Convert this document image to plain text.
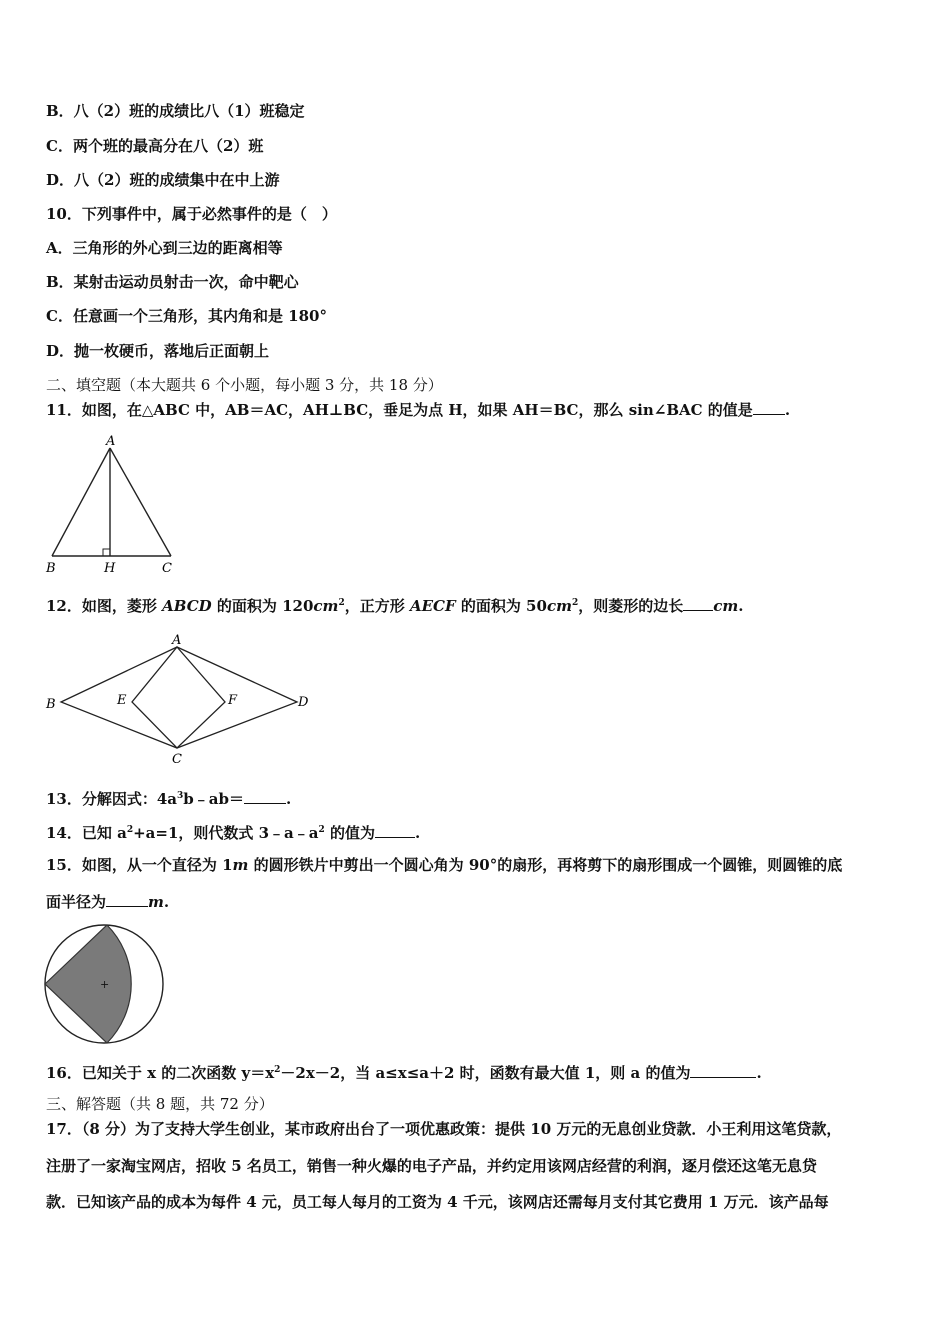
B．八（2）班的成绩比八（1）班稳定
C．两个班的最高分在八（2）班
D．八（2）班的成绩集中在中上游
10．下列事件中，属于必然事件的是（　）
A．三角形的外心到三边的距离相等
B．某射击运动员射击一次，命中靶心
C．任意画一个三角形，其内角和是 180°
D．抛一枚硬币，落地后正面朝上
二、填空题（本大题共 6 个小题，每小题 3 分，共 18 分）
11．如图，在△ABC 中，AB＝AC，AH⊥BC，垂足为点 H，如果 AH＝BC，那么 sin∠BAC 的值是 .
A
B	H	C
12．如图，菱形 ABCD 的面积为 $120cm^2$，正方形 AECF 的面积为 $50cm^2$，则菱形的边长 cm.
A
B	E	F	D
C
13．分解因式：$4a^3b﹣ab=$	.
14．已知 $a^2+a=1$，则代数式 $3﹣a﹣a^2$ 的值为	.
15．如图，从一个直径为 1m 的圆形铁片中剪出一个圆心角为 90°的扇形，再将剪下的扇形围成一个圆锥，则圆锥的底
面半径为	m.
+
16．已知关于 x 的二次函数 $y=x^2-2x-2$，当 a≤x≤a＋2 时，函数有最大值 1，则 a 的值为	.
三、解答题（共 8 题，共 72 分）
17．（8 分）为了支持大学生创业，某市政府出台了一项优惠政策：提供 10 万元的无息创业贷款．小王利用这笔贷款，
注册了一家淘宝网店，招收 5 名员工，销售一种火爆的电子产品，并约定用该网店经营的利润，逐月偿还这笔无息贷
款．已知该产品的成本为每件 4 元，员工每人每月的工资为 4 千元，该网店还需每月支付其它费用 1 万元．该产品每
